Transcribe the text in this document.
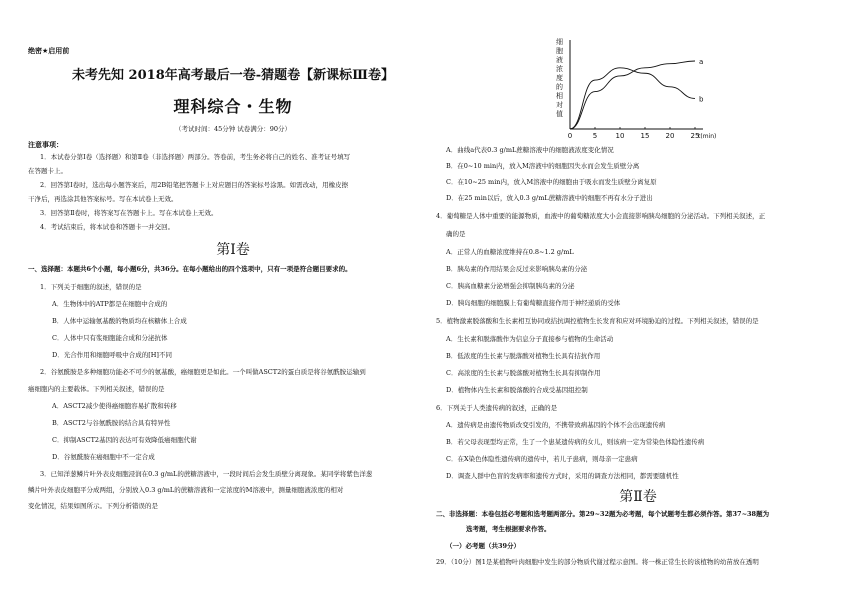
绝密★启用前
未考先知 2018年高考最后一卷-猜题卷【新课标Ⅲ卷】
理科综合・生物
（考试时间：45分钟 试卷满分：90分）
注意事项：
1．本试卷分第Ⅰ卷（选择题）和第Ⅱ卷（非选择题）两部分。答卷前，考生务必将自己的姓名、准考证号填写
在答题卡上。
2．回答第Ⅰ卷时，选出每小题答案后，用2B铅笔把答题卡上对应题目的答案标号涂黑。如需改动，用橡皮擦
干净后，再选涂其他答案标号。写在本试卷上无效。
3．回答第Ⅱ卷时，将答案写在答题卡上。写在本试卷上无效。
4．考试结束后，将本试卷和答题卡一并交回。
第Ⅰ卷
一、选择题：本题共6个小题，每小题6分，共36分。在每小题给出的四个选项中，只有一项是符合题目要求的。
1．下列关于细胞的叙述，错误的是
A．生物体中的ATP都是在细胞中合成的
B．人体中运输氨基酸的物质均在核糖体上合成
C．人体中只有浆细胞能合成和分泌抗体
D．光合作用和细胞呼吸中合成的[H]不同
2．谷氨酰胺是多种细胞功能必不可少的氨基酸，癌细胞更是如此。一个叫做ASCT2的蛋白质是将谷氨酰胺运输到
癌细胞内的主要载体。下列相关叙述，错误的是
A．ASCT2减少使得癌细胞容易扩散和转移
B．ASCT2与谷氨酰胺的结合具有特异性
C．抑制ASCT2基因的表达可有效降低癌细胞代谢
D．谷氨酰胺在癌细胞中不一定合成
3．已知洋葱鳞片叶外表皮细胞浸润在0.3 g/mL的蔗糖溶液中，一段时间后会发生质壁分离现象。某同学将紫色洋葱
鳞片叶外表皮细胞平分成两组，分别放入0.3 g/mL的蔗糖溶液和一定浓度的M溶液中，测量细胞液浓度的相对
变化情况，结果如图所示。下列分析错误的是
细胞液浓度的相对值
0	5	10 15 20 25
t(min)
a
b
A．曲线a代表0.3 g/mL蔗糖溶液中的细胞液浓度变化情况
B．在0~10 min内，放入M溶液中的细胞因失水而会发生质壁分离
C．在10~25 min内，放入M溶液中的细胞由于吸水而发生质壁分离复原
D．在25 min以后，放入0.3 g/mL蔗糖溶液中的细胞不再有水分子进出
4．葡萄糖是人体中重要的能源物质，血液中的葡萄糖浓度大小会直接影响胰岛细胞的分泌活动。下列相关叙述，正
确的是
A．正常人的血糖浓度维持在0.8~1.2 g/mL
B．胰岛素的作用结果会反过来影响胰岛素的分泌
C．胰高血糖素分泌增强会抑制胰岛素的分泌
D．胰岛细胞的细胞膜上有葡萄糖直接作用于神经递质的受体
5．植物激素脱落酸和生长素相互协同或拮抗调控植物生长发育和应对环境胁迫的过程。下列相关叙述，错误的是
A．生长素和脱落酸作为信息分子直接参与植物的生命活动
B．低浓度的生长素与脱落酸对植物生长具有拮抗作用
C．高浓度的生长素与脱落酸对植物生长具有抑制作用
D．植物体内生长素和脱落酸的合成受基因组控制
6．下列关于人类遗传病的叙述，正确的是
A．遗传病是由遗传物质改变引发的，不携带致病基因的个体不会出现遗传病
B．若父母表现型均正常，生了一个患某遗传病的女儿，则该病一定为常染色体隐性遗传病
C．在X染色体隐性遗传病的遗传中，若儿子患病，则母亲一定患病
D．调查人群中色盲的发病率和遗传方式时，采用的调查方法相同，都需要随机性
第Ⅱ卷
二、非选择题：本卷包括必考题和选考题两部分。第29~32题为必考题，每个试题考生都必须作答。第37~38题为
选考题，考生根据要求作答。
（一）必考题（共39分）
29．（10分）图1是某植物叶肉细胞中发生的部分物质代谢过程示意图。将一株正常生长的该植物的幼苗放在透明
